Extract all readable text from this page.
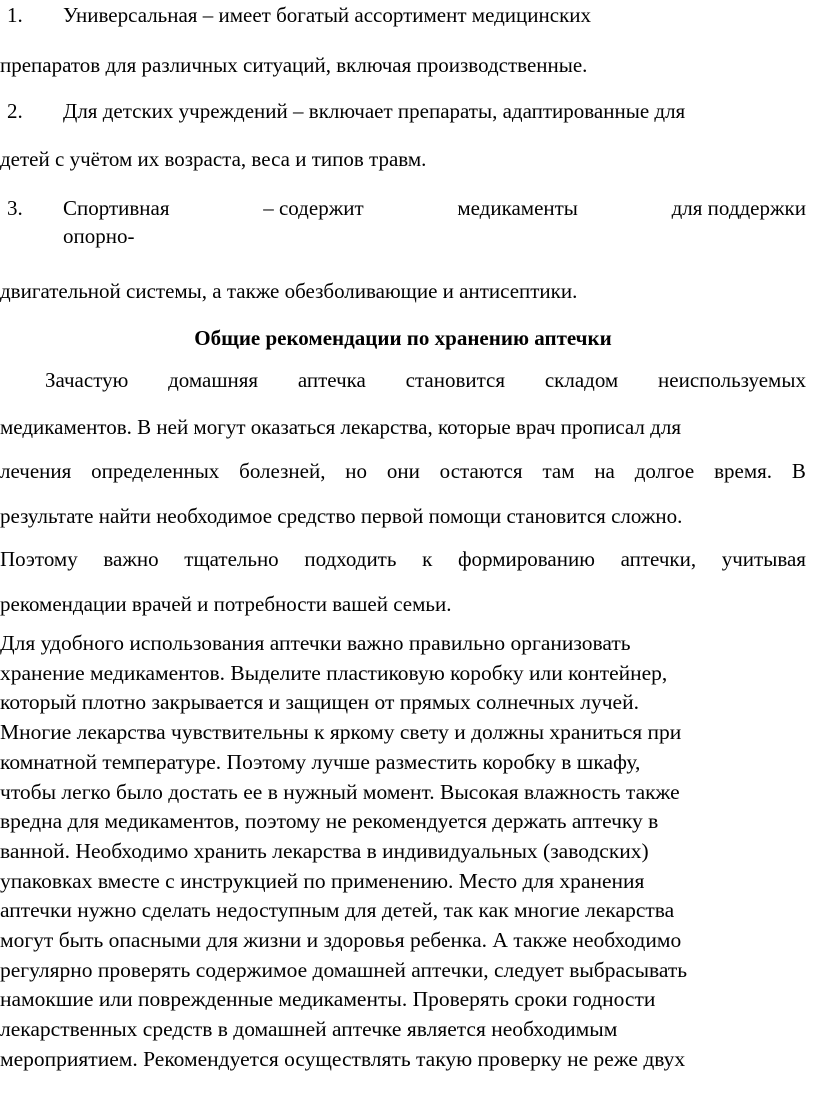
1. Универсальная – имеет богатый ассортимент медицинских
препаратов для различных ситуаций, включая производственные.
2. Для детских учреждений – включает препараты, адаптированные для
детей с учётом их возраста, веса и типов травм.
3. Спортивная	– содержит	медикаменты	для поддержки
опорно-
двигательной системы, а также обезболивающие и антисептики.
Общие рекомендации по хранению аптечки
Зачастую домашняя аптечка становится складом неиспользуемых
медикаментов. В ней могут оказаться лекарства, которые врач прописал для
лечения определенных болезней, но они остаются там на долгое время. В
результате найти необходимое средство первой помощи становится сложно.
Поэтому важно тщательно подходить к формированию аптечки, учитывая
рекомендации врачей и потребности вашей семьи.
Для удобного использования аптечки важно правильно организовать
хранение медикаментов. Выделите пластиковую коробку или контейнер,
который плотно закрывается и защищен от прямых солнечных лучей.
Многие лекарства чувствительны к яркому свету и должны храниться при
комнатной температуре. Поэтому лучше разместить коробку в шкафу,
чтобы легко было достать ее в нужный момент. Высокая влажность также
вредна для медикаментов, поэтому не рекомендуется держать аптечку в
ванной. Необходимо хранить лекарства в индивидуальных (заводских)
упаковках вместе с инструкцией по применению. Место для хранения
аптечки нужно сделать недоступным для детей, так как многие лекарства
могут быть опасными для жизни и здоровья ребенка. А также необходимо
регулярно проверять содержимое домашней аптечки, следует выбрасывать
намокшие или поврежденные медикаменты. Проверять сроки годности
лекарственных средств в домашней аптечке является необходимым
мероприятием. Рекомендуется осуществлять такую проверку не реже двух
